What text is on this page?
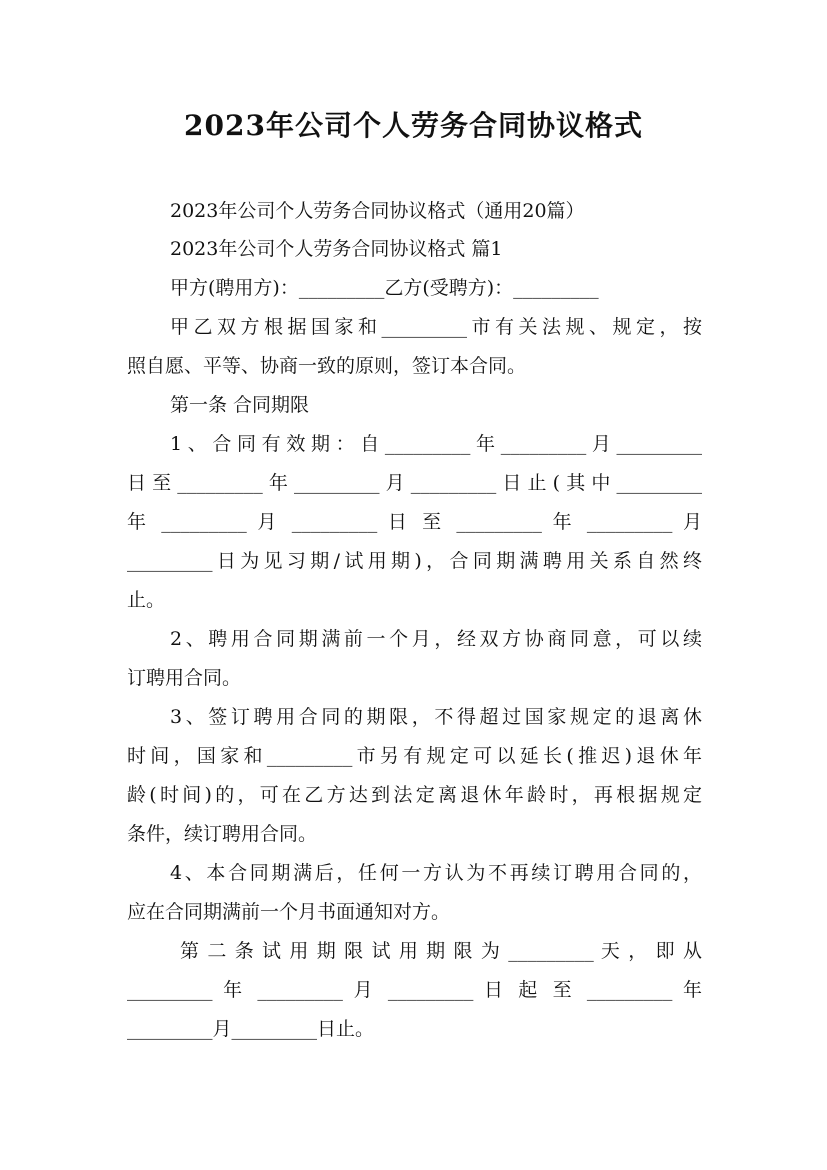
2023年公司个人劳务合同协议格式
2023年公司个人劳务合同协议格式（通用20篇）
2023年公司个人劳务合同协议格式 篇1
甲方(聘用方)：_________乙方(受聘方)：_________
甲乙双方根据国家和_________市有关法规、规定，按
照自愿、平等、协商一致的原则，签订本合同。
第一条 合同期限
1、合同有效期：自_________年_________月_________
日至_________年_________月_________日止(其中_________
年 _________ 月 _________ 日 至 _________ 年 _________ 月
_________日为见习期/试用期)，合同期满聘用关系自然终
止。
2、聘用合同期满前一个月，经双方协商同意，可以续
订聘用合同。
3、签订聘用合同的期限，不得超过国家规定的退离休
时间，国家和_________市另有规定可以延长(推迟)退休年
龄(时间)的，可在乙方达到法定离退休年龄时，再根据规定
条件，续订聘用合同。
4、本合同期满后，任何一方认为不再续订聘用合同的，
应在合同期满前一个月书面通知对方。
第 二 条 试 用 期 限 试 用 期 限 为 _________ 天 ， 即 从
_________ 年 _________ 月 _________ 日 起 至 _________ 年
_________月_________日止。
